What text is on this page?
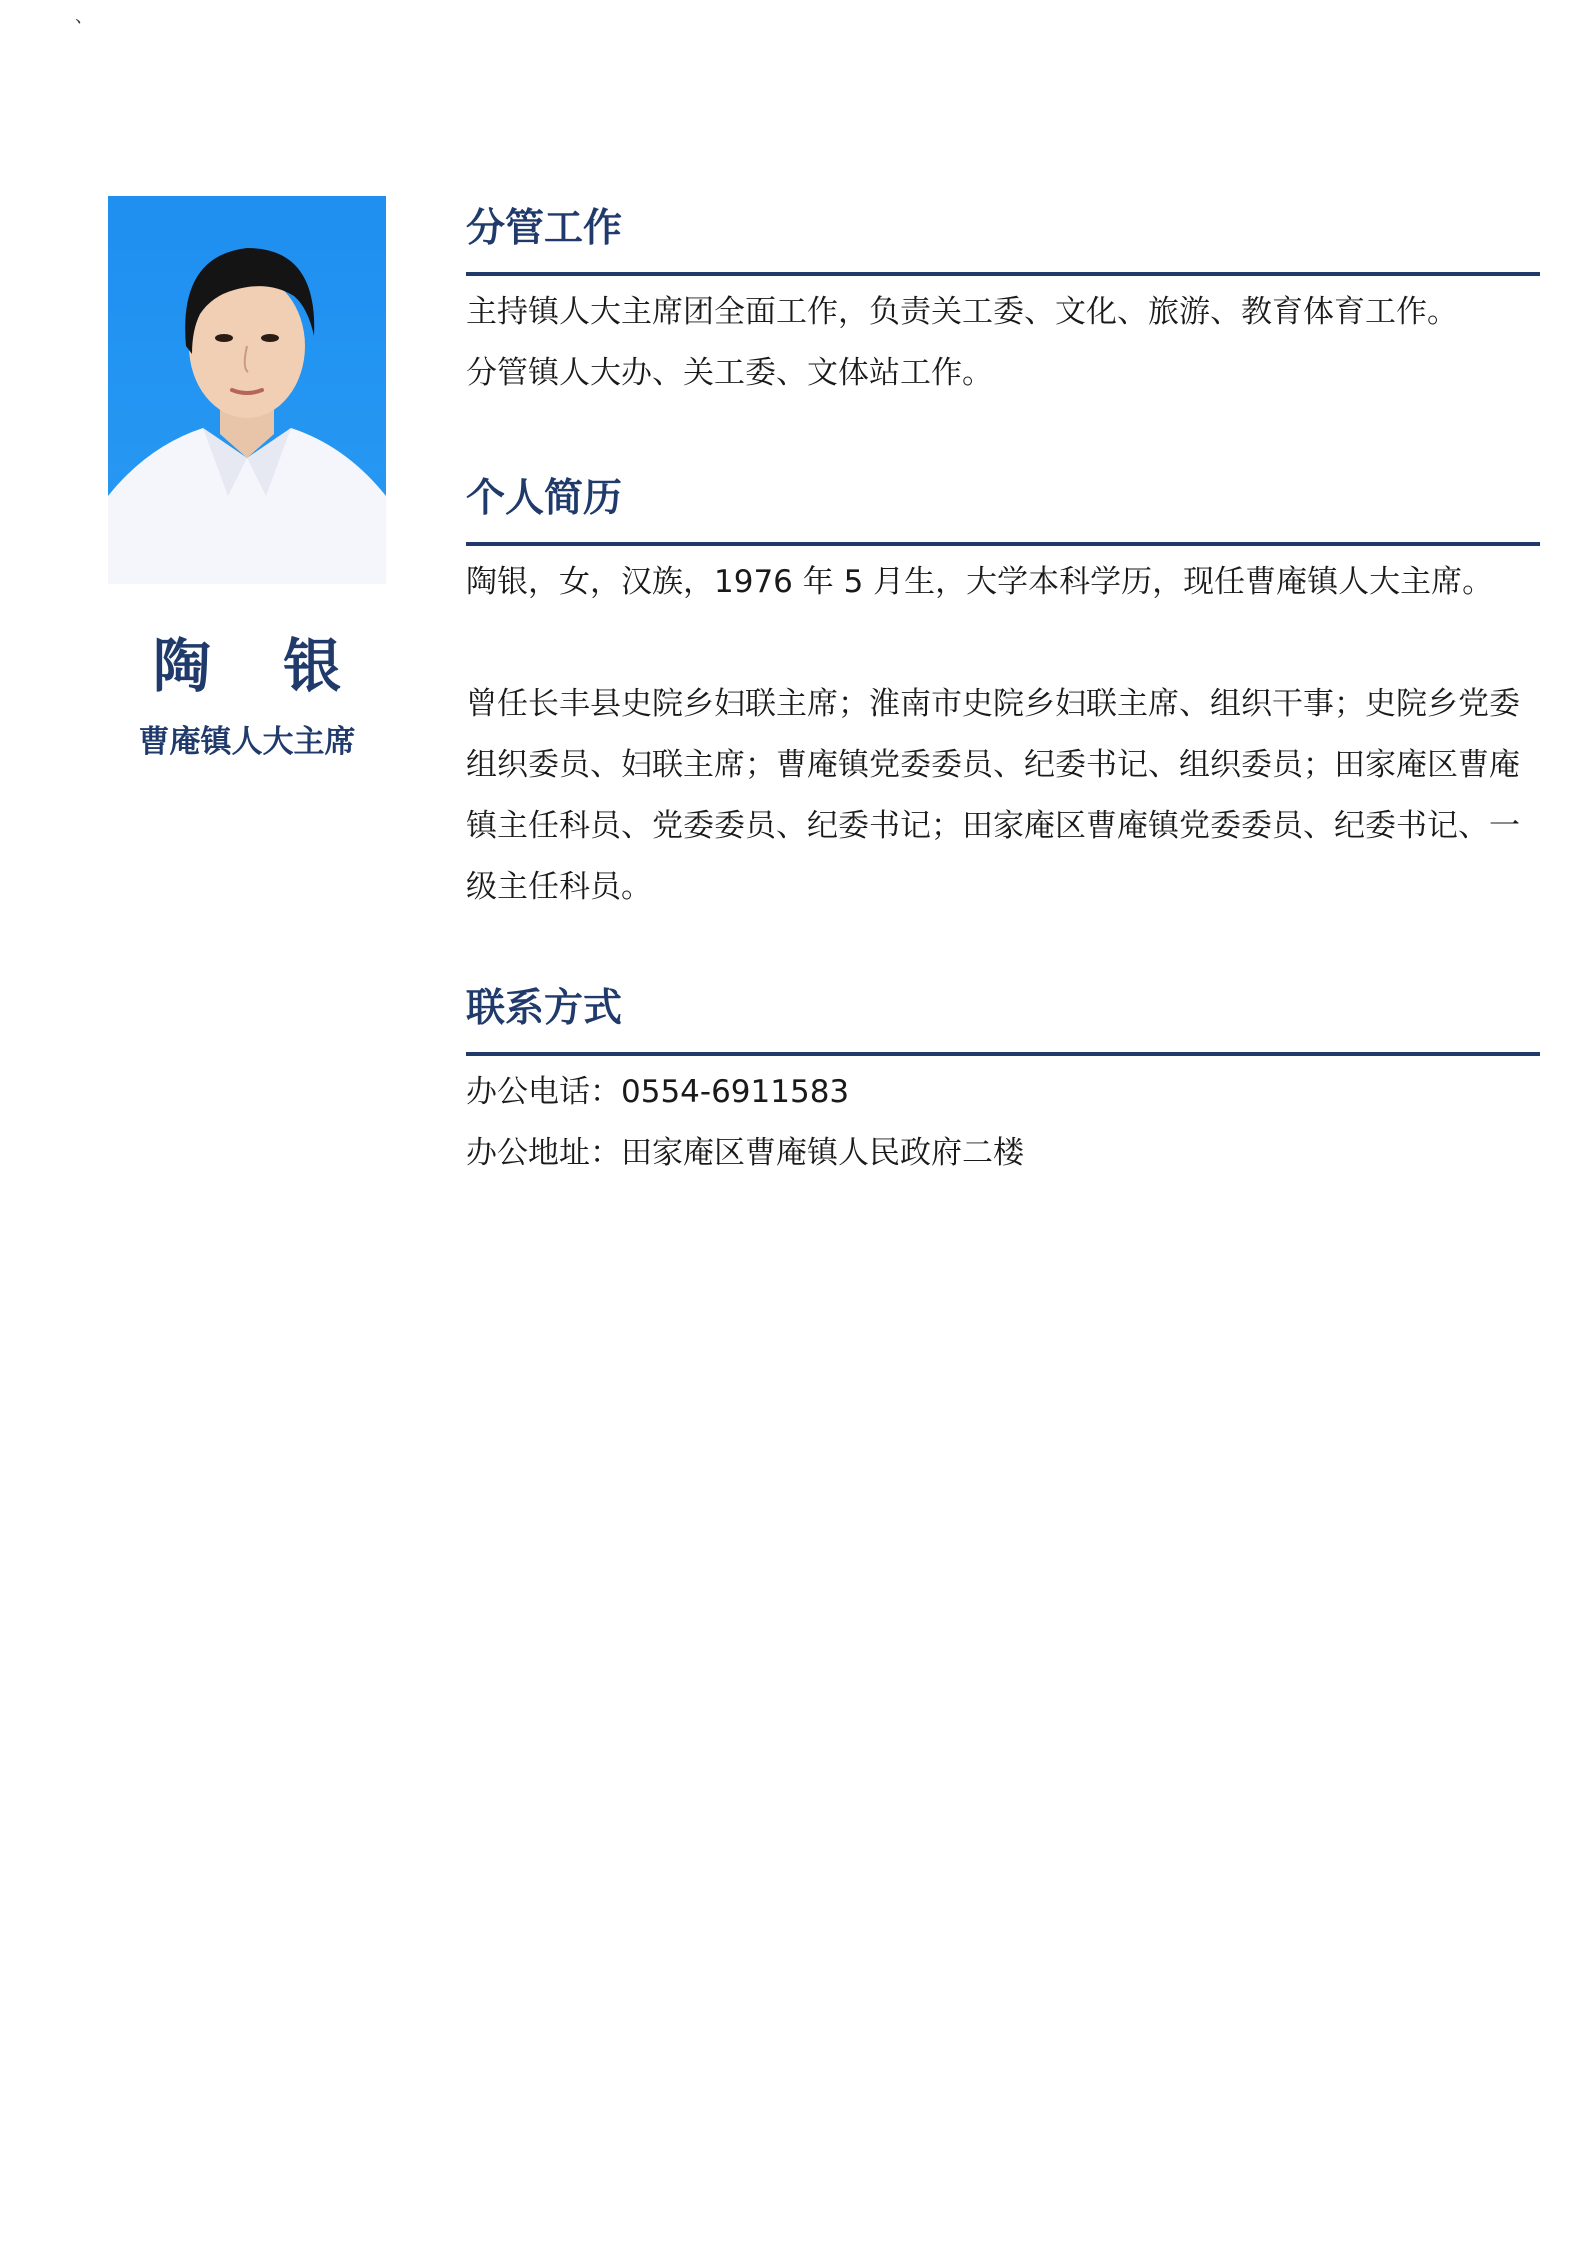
、
陶 银
曹庵镇人大主席
分管工作

主持镇人大主席团全面工作，负责关工委、文化、旅游、教育体育工作。

分管镇人大办、关工委、文体站工作。

个人简历

陶银，女，汉族，1976 年 5 月生，大学本科学历，现任曹庵镇人大主席。

曾任长丰县史院乡妇联主席；淮南市史院乡妇联主席、组织干事；史院乡党委组织委员、妇联主席；曹庵镇党委委员、纪委书记、组织委员；田家庵区曹庵镇主任科员、党委委员、纪委书记；田家庵区曹庵镇党委委员、纪委书记、一级主任科员。

联系方式

办公电话：0554-6911583

办公地址：田家庵区曹庵镇人民政府二楼
